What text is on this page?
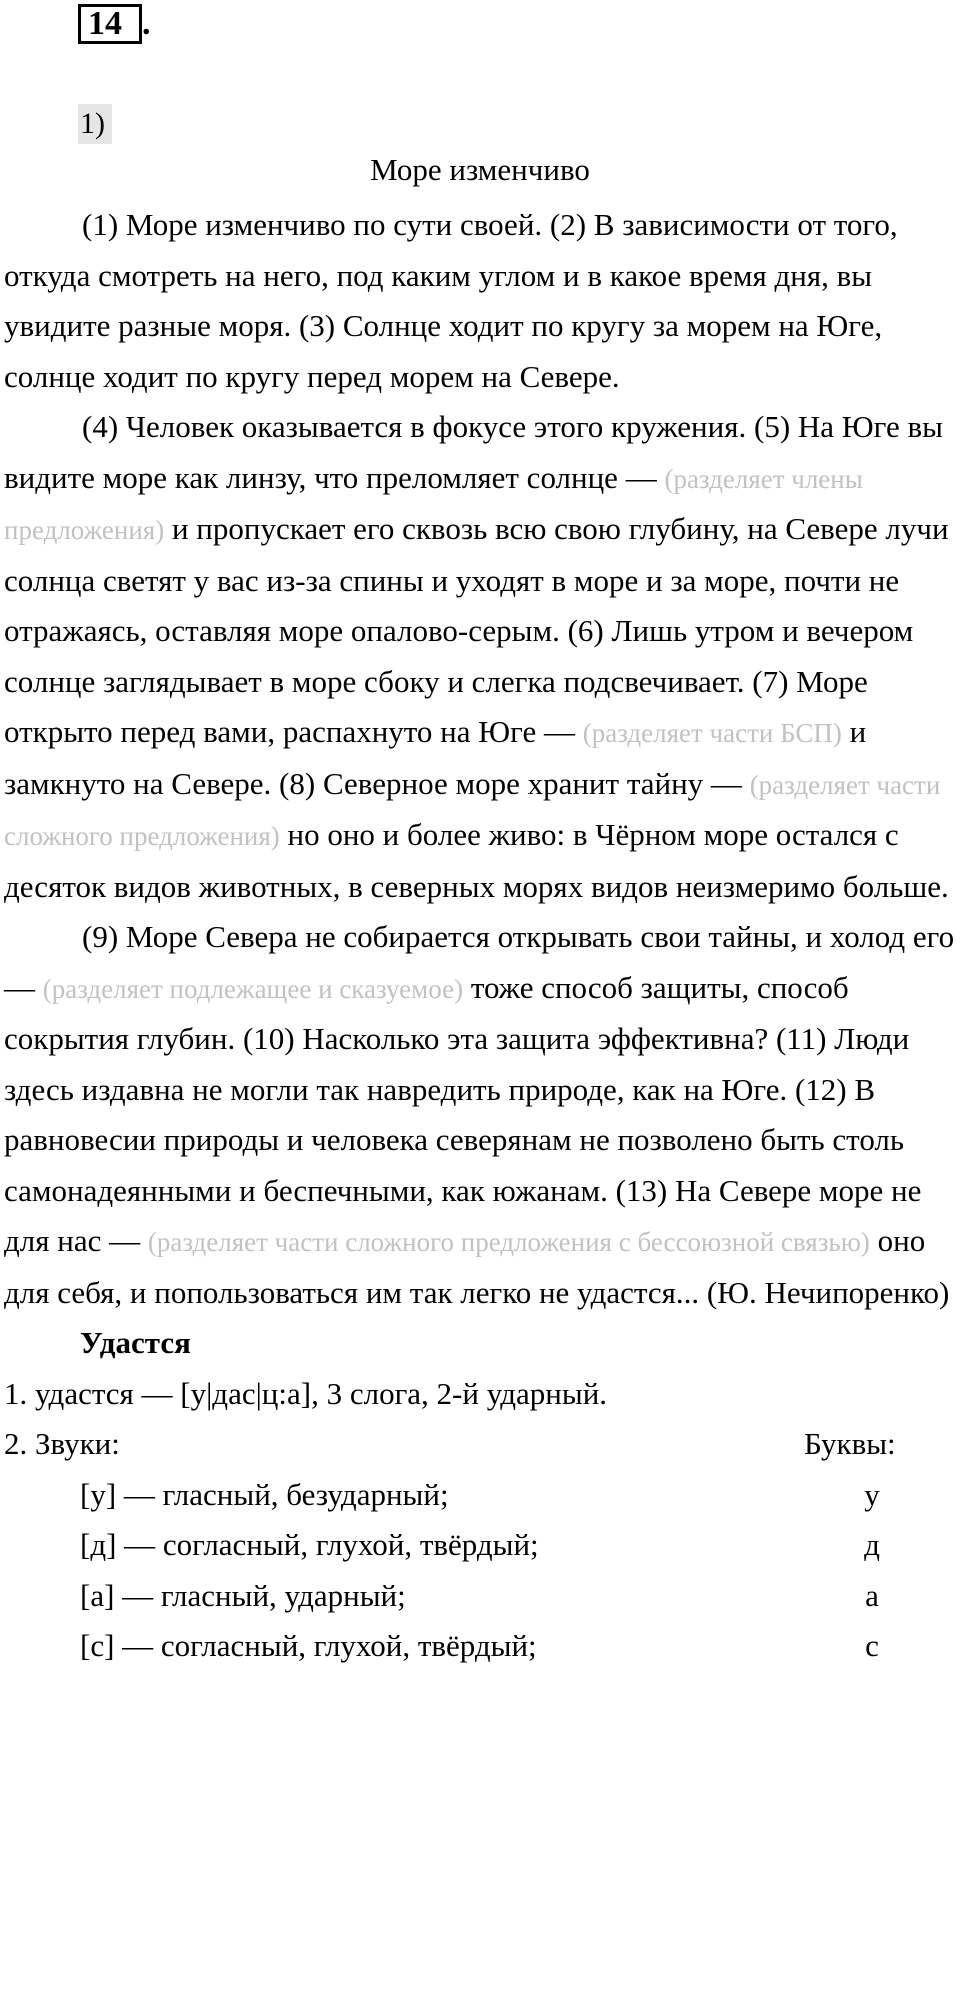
14 .
1)
Море изменчиво

(1) Море изменчиво по сути своей. (2) В зависимости от того, откуда смотреть на него, под каким углом и в какое время дня, вы увидите разные моря. (3) Солнце ходит по кругу за морем на Юге, солнце ходит по кругу перед морем на Севере.

(4) Человек оказывается в фокусе этого кружения. (5) На Юге вы видите море как линзу, что преломляет солнце — (разделяет члены предложения) и пропускает его сквозь всю свою глубину, на Севере лучи солнца светят у вас из-за спины и уходят в море и за море, почти не отражаясь, оставляя море опалово-серым. (6) Лишь утром и вечером солнце заглядывает в море сбоку и слегка подсвечивает. (7) Море открыто перед вами, распахнуто на Юге — (разделяет части БСП) и замкнуто на Севере. (8) Северное море хранит тайну — (разделяет части сложного предложения) но оно и более живо: в Чёрном море остался с десяток видов животных, в северных морях видов неизмеримо больше.

(9) Море Севера не собирается открывать свои тайны, и холод его — (разделяет подлежащее и сказуемое) тоже способ защиты, способ сокрытия глубин. (10) Насколько эта защита эффективна? (11) Люди здесь издавна не могли так навредить природе, как на Юге. (12) В равновесии природы и человека северянам не позволено быть столь самонадеянными и беспечными, как южанам. (13) На Севере море не для нас — (разделяет части сложного предложения с бессоюзной связью) оно для себя, и попользоваться им так легко не удастся... (Ю. Нечипоренко)

Удастся
1. удастся — [у|дас|ц:а], 3 слога, 2-й ударный.
2. Звуки:	Буквы:
[у] — гласный, безударный;	у
[д] — согласный, глухой, твёрдый;	д
[а] — гласный, ударный;	а
[с] — согласный, глухой, твёрдый;	с
